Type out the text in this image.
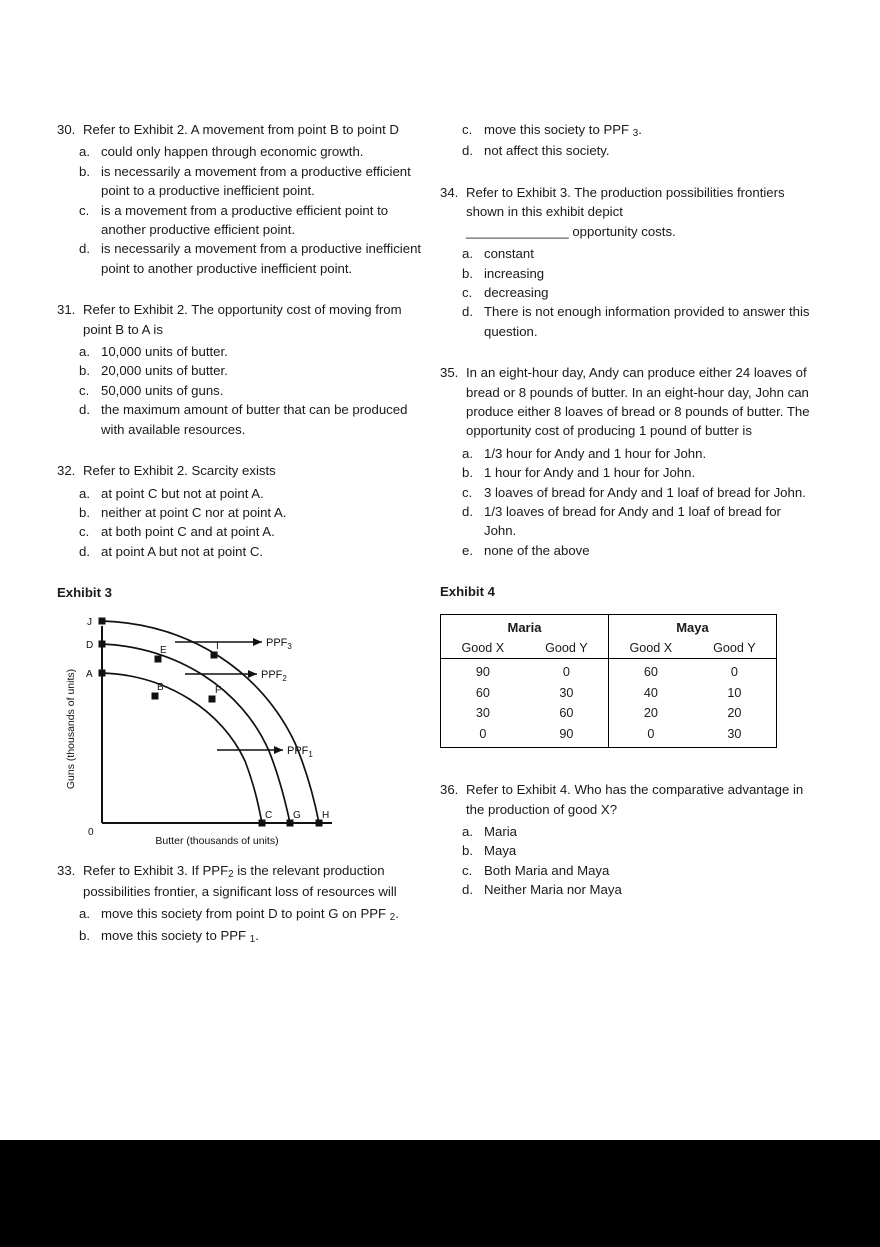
30. Refer to Exhibit 2. A movement from point B to point D
a. could only happen through economic growth.
b. is necessarily a movement from a productive efficient point to a productive inefficient point.
c. is a movement from a productive efficient point to another productive efficient point.
d. is necessarily a movement from a productive inefficient point to another productive inefficient point.
31. Refer to Exhibit 2. The opportunity cost of moving from point B to A is
a. 10,000 units of butter.
b. 20,000 units of butter.
c. 50,000 units of guns.
d. the maximum amount of butter that can be produced with available resources.
32. Refer to Exhibit 2. Scarcity exists
a. at point C but not at point A.
b. neither at point C nor at point A.
c. at both point C and at point A.
d. at point A but not at point C.
Exhibit 3
$PPF_3$
$PPF_2$
$PPF_1$
J
D
A
B
E
F
I
C G H
0
Butter (thousands of units)
Guns (thousands of units)
33. Refer to Exhibit 3. If $PPF_2$ is the relevant production possibilities frontier, a significant loss of resources will
a. move this society from point D to point G on PPF $_2$.
b. move this society to PPF $_1$.
c. move this society to PPF $_3$.
d. not affect this society.
34. Refer to Exhibit 3. The production possibilities frontiers shown in this exhibit depict
______________ opportunity costs.
a. constant
b. increasing
c. decreasing
d. There is not enough information provided to answer this question.
35. In an eight-hour day, Andy can produce either 24 loaves of bread or 8 pounds of butter. In an eight-hour day, John can produce either 8 loaves of bread or 8 pounds of butter. The opportunity cost of producing 1 pound of butter is
a. 1/3 hour for Andy and 1 hour for John.
b. 1 hour for Andy and 1 hour for John.
c. 3 loaves of bread for Andy and 1 loaf of bread for John.
d. 1/3 loaves of bread for Andy and 1 loaf of bread for John.
e. none of the above
Exhibit 4
Maria		Maya	
Good X	Good Y	Good X	Good Y
90	0	60	0
60	30	40	10
30	60	20	20
0	90	0	30
36. Refer to Exhibit 4. Who has the comparative advantage in the production of good X?
a. Maria
b. Maya
c. Both Maria and Maya
d. Neither Maria nor Maya
